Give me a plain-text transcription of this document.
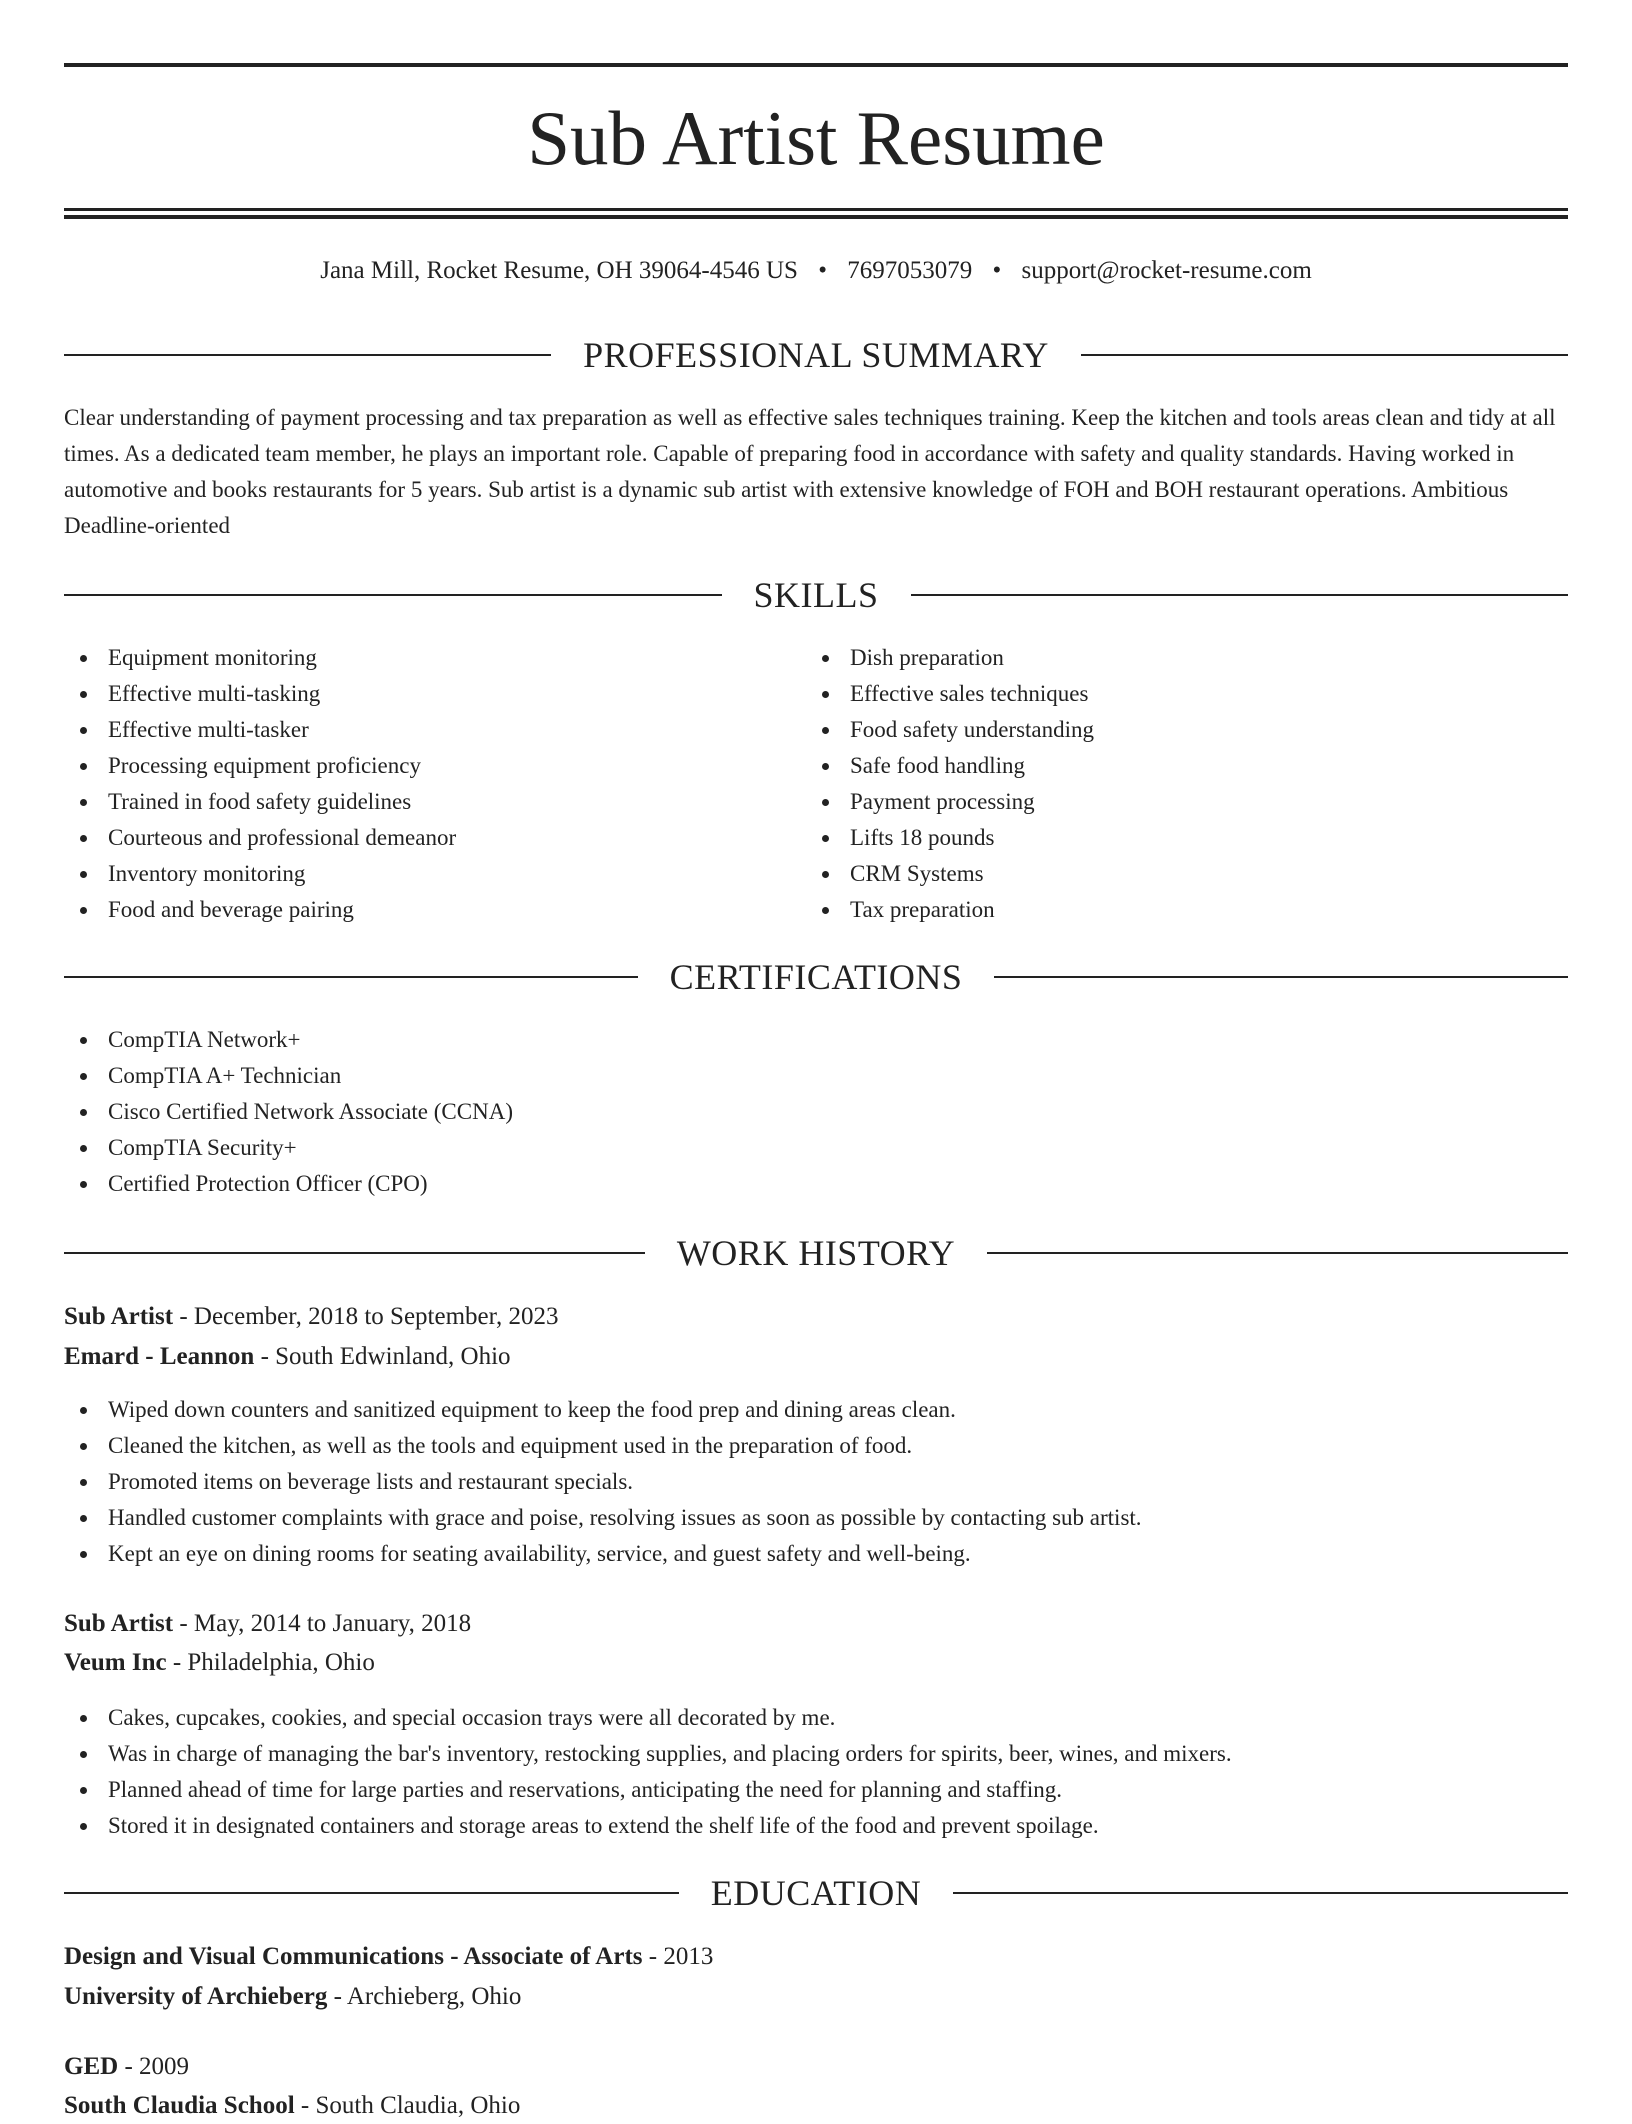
Sub Artist Resume
Jana Mill, Rocket Resume, OH 39064-4546 US • 7697053079 • support@rocket-resume.com
PROFESSIONAL SUMMARY

Clear understanding of payment processing and tax preparation as well as effective sales techniques training. Keep the kitchen and tools areas clean and tidy at all times. As a dedicated team member, he plays an important role. Capable of preparing food in accordance with safety and quality standards. Having worked in automotive and books restaurants for 5 years. Sub artist is a dynamic sub artist with extensive knowledge of FOH and BOH restaurant operations. Ambitious Deadline-oriented

SKILLS
Equipment monitoring
Effective multi-tasking
Effective multi-tasker
Processing equipment proficiency
Trained in food safety guidelines
Courteous and professional demeanor
Inventory monitoring
Food and beverage pairing
Dish preparation
Effective sales techniques
Food safety understanding
Safe food handling
Payment processing
Lifts 18 pounds
CRM Systems
Tax preparation
CERTIFICATIONS
CompTIA Network+
CompTIA A+ Technician
Cisco Certified Network Associate (CCNA)
CompTIA Security+
Certified Protection Officer (CPO)
WORK HISTORY
Sub Artist - December, 2018 to September, 2023
Emard - Leannon - South Edwinland, Ohio
Wiped down counters and sanitized equipment to keep the food prep and dining areas clean.
Cleaned the kitchen, as well as the tools and equipment used in the preparation of food.
Promoted items on beverage lists and restaurant specials.
Handled customer complaints with grace and poise, resolving issues as soon as possible by contacting sub artist.
Kept an eye on dining rooms for seating availability, service, and guest safety and well-being.
Sub Artist - May, 2014 to January, 2018
Veum Inc - Philadelphia, Ohio
Cakes, cupcakes, cookies, and special occasion trays were all decorated by me.
Was in charge of managing the bar's inventory, restocking supplies, and placing orders for spirits, beer, wines, and mixers.
Planned ahead of time for large parties and reservations, anticipating the need for planning and staffing.
Stored it in designated containers and storage areas to extend the shelf life of the food and prevent spoilage.
EDUCATION
Design and Visual Communications - Associate of Arts - 2013
University of Archieberg - Archieberg, Ohio
GED - 2009
South Claudia School - South Claudia, Ohio
